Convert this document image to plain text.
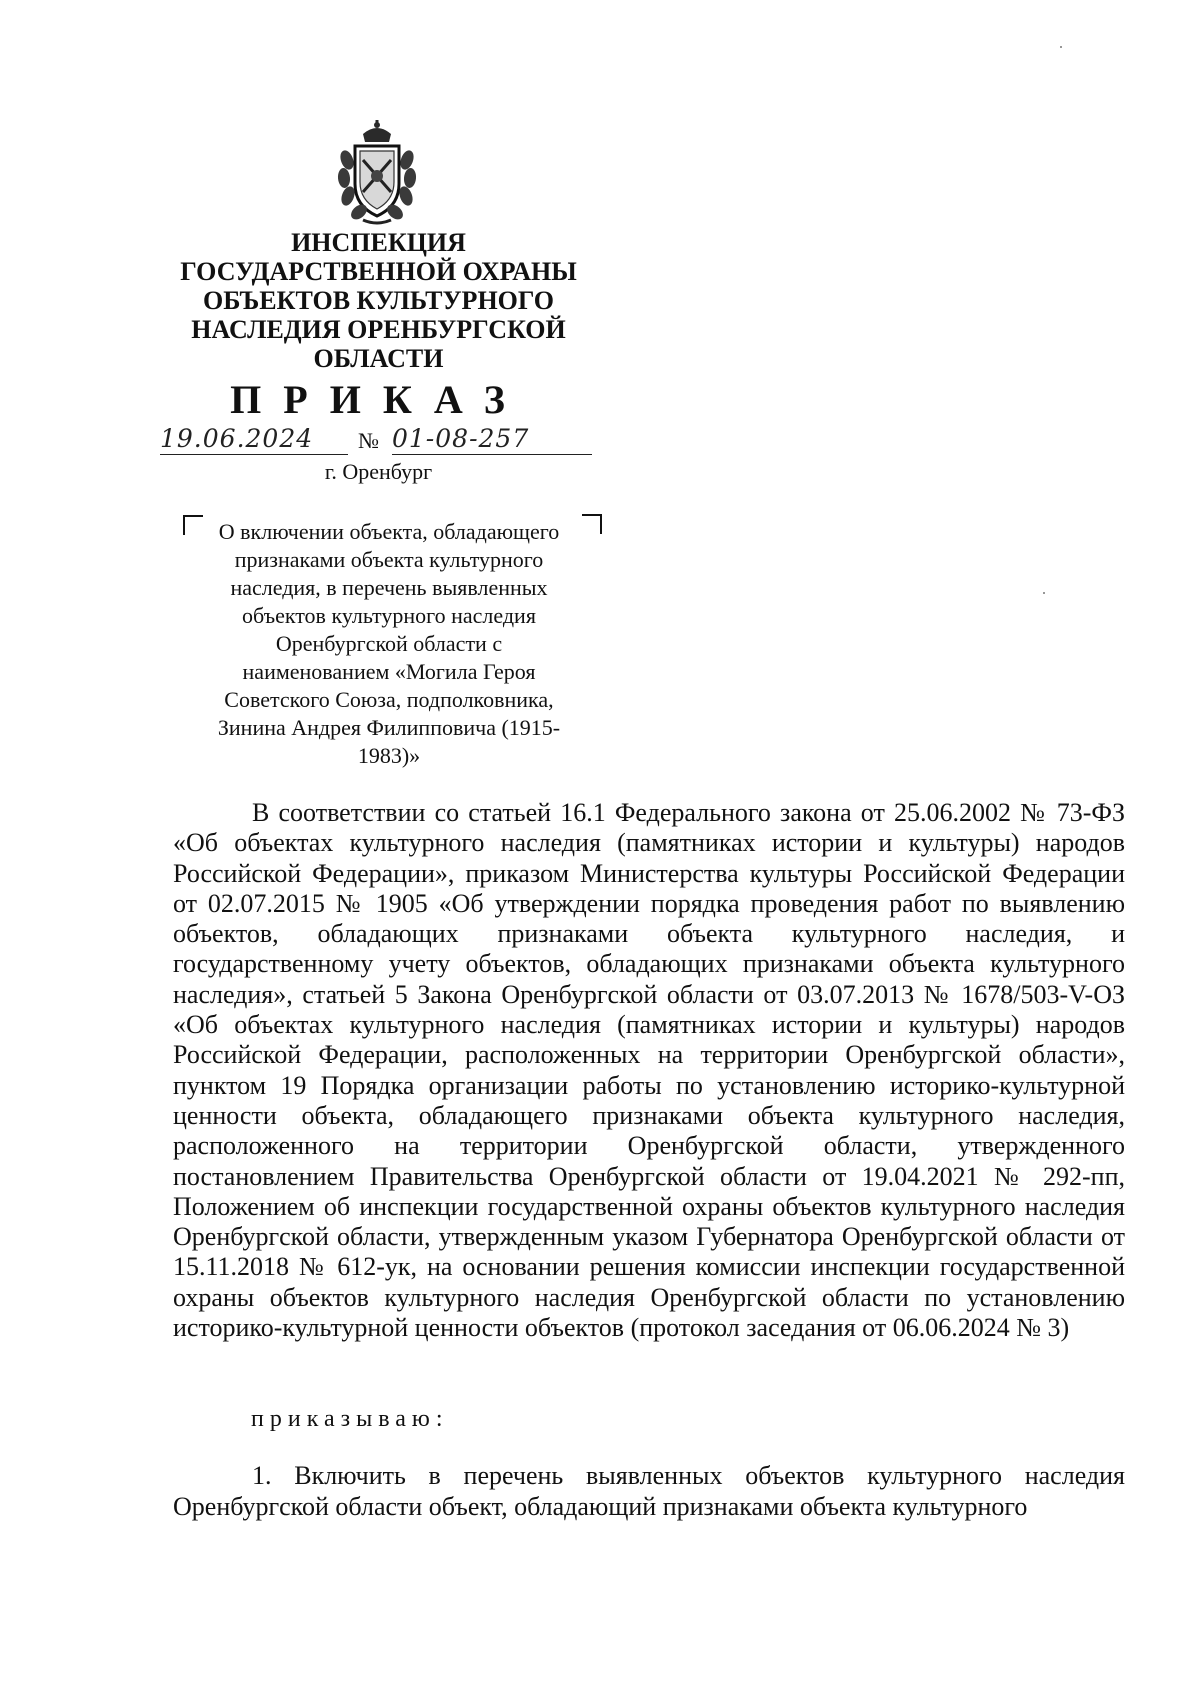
ИНСПЕКЦИЯ
ГОСУДАРСТВЕННОЙ ОХРАНЫ
ОБЪЕКТОВ КУЛЬТУРНОГО
НАСЛЕДИЯ ОРЕНБУРГСКОЙ
ОБЛАСТИ
ПРИКАЗ
19.06.2024	№ 01-08-257
г. Оренбург
О включении объекта, обладающего
признаками объекта культурного
наследия, в перечень выявленных
объектов культурного наследия
Оренбургской области с
наименованием «Могила Героя
Советского Союза, подполковника,
Зинина Андрея Филипповича (1915-
1983)»

В соответствии со статьей 16.1 Федерального закона от 25.06.2002 № 73-ФЗ «Об объектах культурного наследия (памятниках истории и культуры) народов Российской Федерации», приказом Министерства культуры Российской Федерации от 02.07.2015 № 1905 «Об утверждении порядка проведения работ по выявлению объектов, обладающих признаками объекта культурного наследия, и государственному учету объектов, обладающих признаками объекта культурного наследия», статьей 5 Закона Оренбургской области от 03.07.2013 № 1678/503-V-ОЗ «Об объектах культурного наследия (памятниках истории и культуры) народов Российской Федерации, расположенных на территории Оренбургской области», пунктом 19 Порядка организации работы по установлению историко-культурной ценности объекта, обладающего признаками объекта культурного наследия, расположенного на территории Оренбургской области, утвержденного постановлением Правительства Оренбургской области от 19.04.2021 № 292-пп, Положением об инспекции государственной охраны объектов культурного наследия Оренбургской области, утвержденным указом Губернатора Оренбургской области от 15.11.2018 № 612-ук, на основании решения комиссии инспекции государственной охраны объектов культурного наследия Оренбургской области по установлению историко-культурной ценности объектов (протокол заседания от 06.06.2024 № 3)

приказываю:

1. Включить в перечень выявленных объектов культурного наследия Оренбургской области объект, обладающий признаками объекта культурного
